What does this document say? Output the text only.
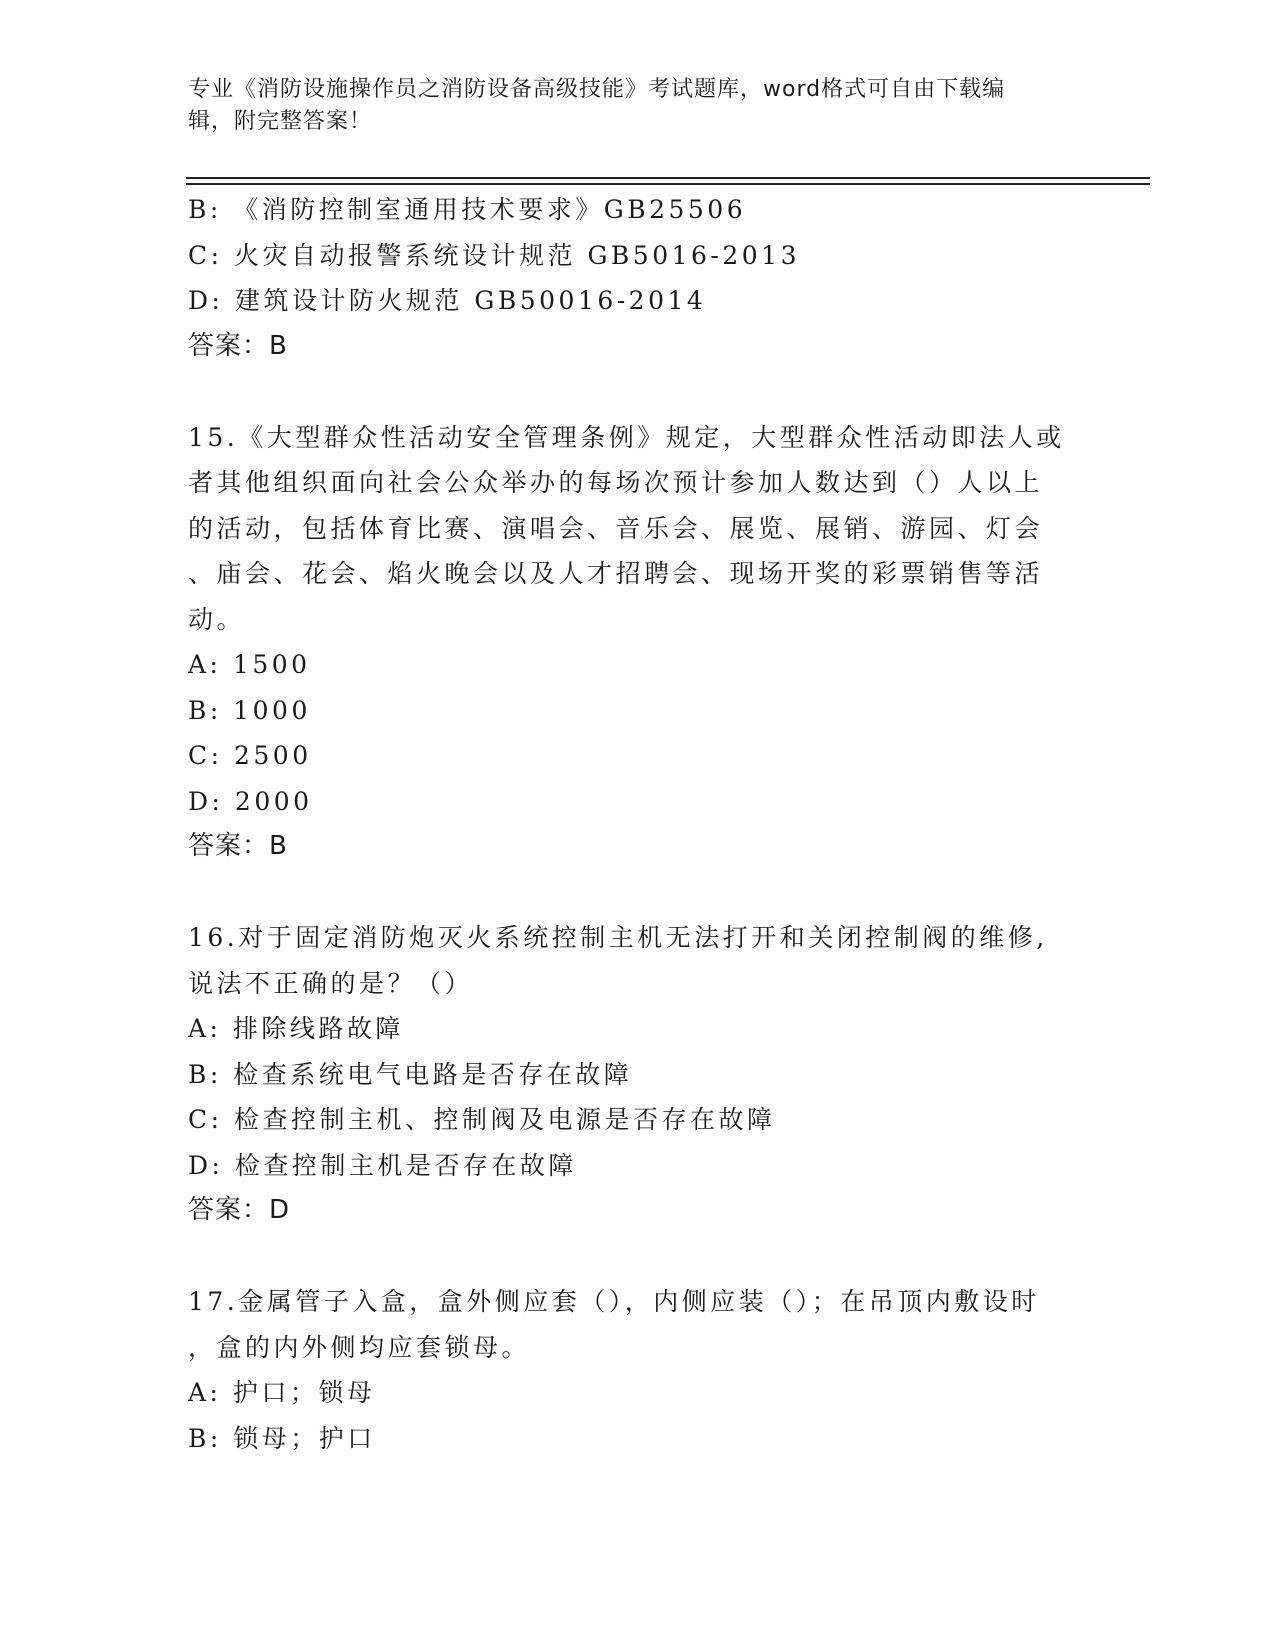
专业《消防设施操作员之消防设备高级技能》考试题库，word格式可自由下载编
辑，附完整答案！
B: 《消防控制室通用技术要求》GB25506
C: 火灾自动报警系统设计规范 GB5016-2013
D: 建筑设计防火规范 GB50016-2014
答案：B
15.《大型群众性活动安全管理条例》规定，大型群众性活动即法人或
者其他组织面向社会公众举办的每场次预计参加人数达到（）人以上
的活动，包括体育比赛、演唱会、音乐会、展览、展销、游园、灯会
、庙会、花会、焰火晚会以及人才招聘会、现场开奖的彩票销售等活
动。
A: 1500
B: 1000
C: 2500
D: 2000
答案：B
16.对于固定消防炮灭火系统控制主机无法打开和关闭控制阀的维修,
说法不正确的是？（）
A: 排除线路故障
B: 检查系统电气电路是否存在故障
C: 检查控制主机、控制阀及电源是否存在故障
D: 检查控制主机是否存在故障
答案：D
17.金属管子入盒，盒外侧应套（），内侧应装（）；在吊顶内敷设时
，盒的内外侧均应套锁母。
A: 护口；锁母
B: 锁母；护口
